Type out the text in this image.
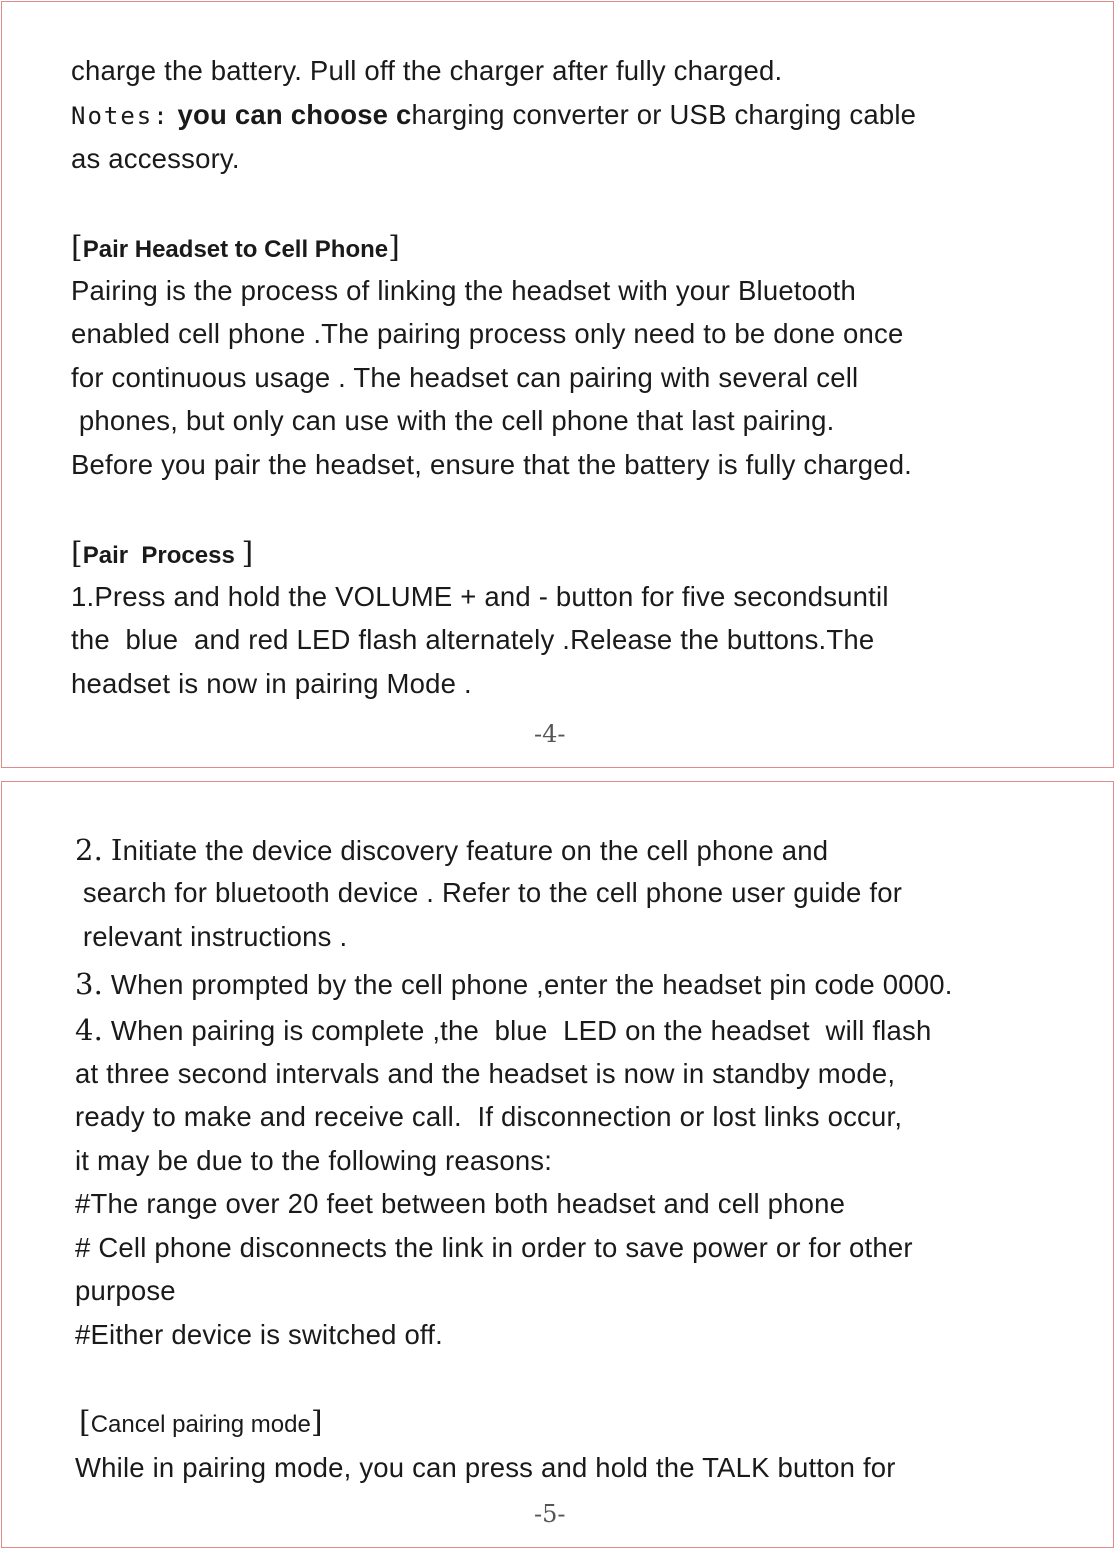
charge the battery. Pull off the charger after fully charged.
Notes: you can choose charging converter or USB charging cable
as accessory.
[Pair Headset to Cell Phone]
Pairing is the process of linking the headset with your Bluetooth
enabled cell phone .The pairing process only need to be done once
for continuous usage . The headset can pairing with several cell
phones, but only can use with the cell phone that last pairing.
Before you pair the headset, ensure that the battery is fully charged.
[Pair  Process ]
1.Press and hold the VOLUME + and - button for five secondsuntil
the  blue  and red LED flash alternately .Release the buttons.The
headset is now in pairing Mode .
-4-
2. Initiate the device discovery feature on the cell phone and
search for bluetooth device . Refer to the cell phone user guide for
relevant instructions .
3. When prompted by the cell phone ,enter the headset pin code 0000.
4. When pairing is complete ,the  blue  LED on the headset  will flash
at three second intervals and the headset is now in standby mode,
ready to make and receive call.  If disconnection or lost links occur,
it may be due to the following reasons:
#The range over 20 feet between both headset and cell phone
# Cell phone disconnects the link in order to save power or for other
purpose
#Either device is switched off.
[Cancel pairing mode]
While in pairing mode, you can press and hold the TALK button for
-5-
